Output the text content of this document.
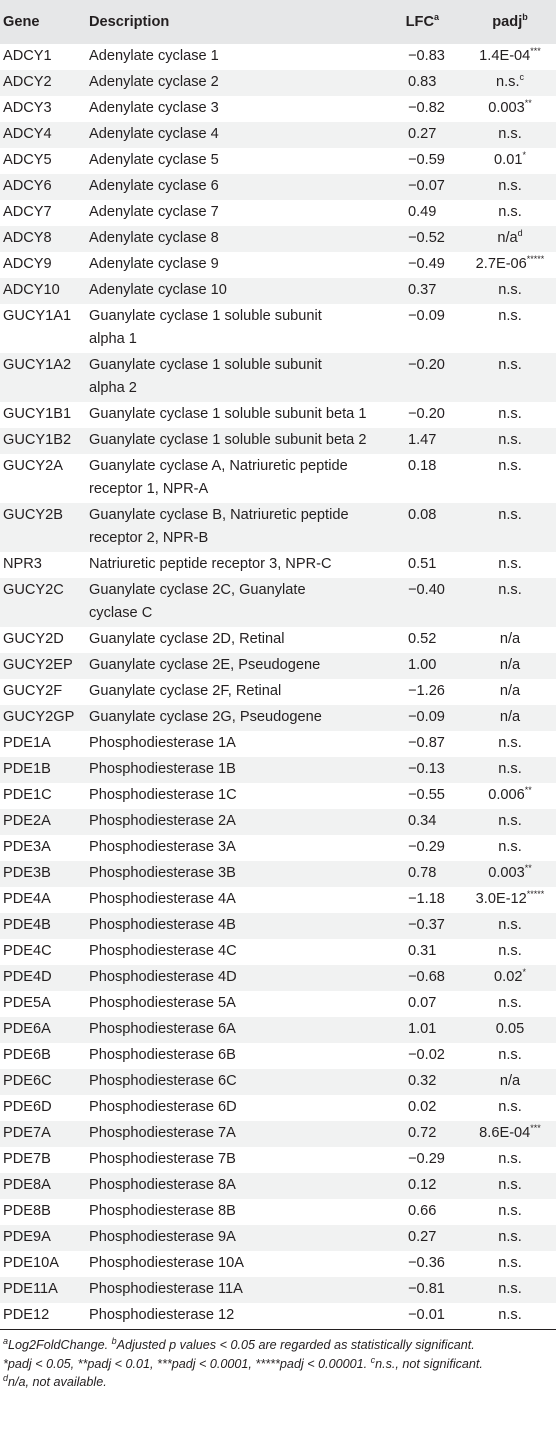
Gene	Description	LFC$^a$	padj$^b$
ADCY1	Adenylate cyclase 1	−0.83	1.4E-04***
ADCY2	Adenylate cyclase 2	0.83	n.s.$^c$
ADCY3	Adenylate cyclase 3	−0.82	0.003**
ADCY4	Adenylate cyclase 4	0.27	n.s.
ADCY5	Adenylate cyclase 5	−0.59	0.01*
ADCY6	Adenylate cyclase 6	−0.07	n.s.
ADCY7	Adenylate cyclase 7	0.49	n.s.
ADCY8	Adenylate cyclase 8	−0.52	$n/a^d$
ADCY9	Adenylate cyclase 9	−0.49	2.7E-06*****
ADCY10	Adenylate cyclase 10	0.37	n.s.
GUCY1A1	Guanylate cyclase 1 soluble subunit
alpha 1	−0.09	n.s.
GUCY1A2	Guanylate cyclase 1 soluble subunit
alpha 2	−0.20	n.s.
GUCY1B1	Guanylate cyclase 1 soluble subunit beta 1	−0.20	n.s.
GUCY1B2	Guanylate cyclase 1 soluble subunit beta 2	1.47	n.s.
GUCY2A	Guanylate cyclase A, Natriuretic peptide
receptor 1, NPR-A	0.18	n.s.
GUCY2B	Guanylate cyclase B, Natriuretic peptide
receptor 2, NPR-B	0.08	n.s.
NPR3	Natriuretic peptide receptor 3, NPR-C	0.51	n.s.
GUCY2C	Guanylate cyclase 2C, Guanylate
cyclase C	−0.40	n.s.
GUCY2D	Guanylate cyclase 2D, Retinal	0.52	n/a
GUCY2EP	Guanylate cyclase 2E, Pseudogene	1.00	n/a
GUCY2F	Guanylate cyclase 2F, Retinal	−1.26	n/a
GUCY2GP	Guanylate cyclase 2G, Pseudogene	−0.09	n/a
PDE1A	Phosphodiesterase 1A	−0.87	n.s.
PDE1B	Phosphodiesterase 1B	−0.13	n.s.
PDE1C	Phosphodiesterase 1C	−0.55	0.006**
PDE2A	Phosphodiesterase 2A	0.34	n.s.
PDE3A	Phosphodiesterase 3A	−0.29	n.s.
PDE3B	Phosphodiesterase 3B	0.78	0.003**
PDE4A	Phosphodiesterase 4A	−1.18	3.0E-12*****
PDE4B	Phosphodiesterase 4B	−0.37	n.s.
PDE4C	Phosphodiesterase 4C	0.31	n.s.
PDE4D	Phosphodiesterase 4D	−0.68	0.02*
PDE5A	Phosphodiesterase 5A	0.07	n.s.
PDE6A	Phosphodiesterase 6A	1.01	0.05
PDE6B	Phosphodiesterase 6B	−0.02	n.s.
PDE6C	Phosphodiesterase 6C	0.32	n/a
PDE6D	Phosphodiesterase 6D	0.02	n.s.
PDE7A	Phosphodiesterase 7A	0.72	8.6E-04***
PDE7B	Phosphodiesterase 7B	−0.29	n.s.
PDE8A	Phosphodiesterase 8A	0.12	n.s.
PDE8B	Phosphodiesterase 8B	0.66	n.s.
PDE9A	Phosphodiesterase 9A	0.27	n.s.
PDE10A	Phosphodiesterase 10A	−0.36	n.s.
PDE11A	Phosphodiesterase 11A	−0.81	n.s.
PDE12	Phosphodiesterase 12	−0.01	n.s.
$^a$Log2FoldChange. $^b$Adjusted p values < 0.05 are regarded as statistically significant.
*padj < 0.05, **padj < 0.01, ***padj < 0.0001, *****padj < 0.00001. $^c$n.s., not significant.
$^d$n/a, not available.
